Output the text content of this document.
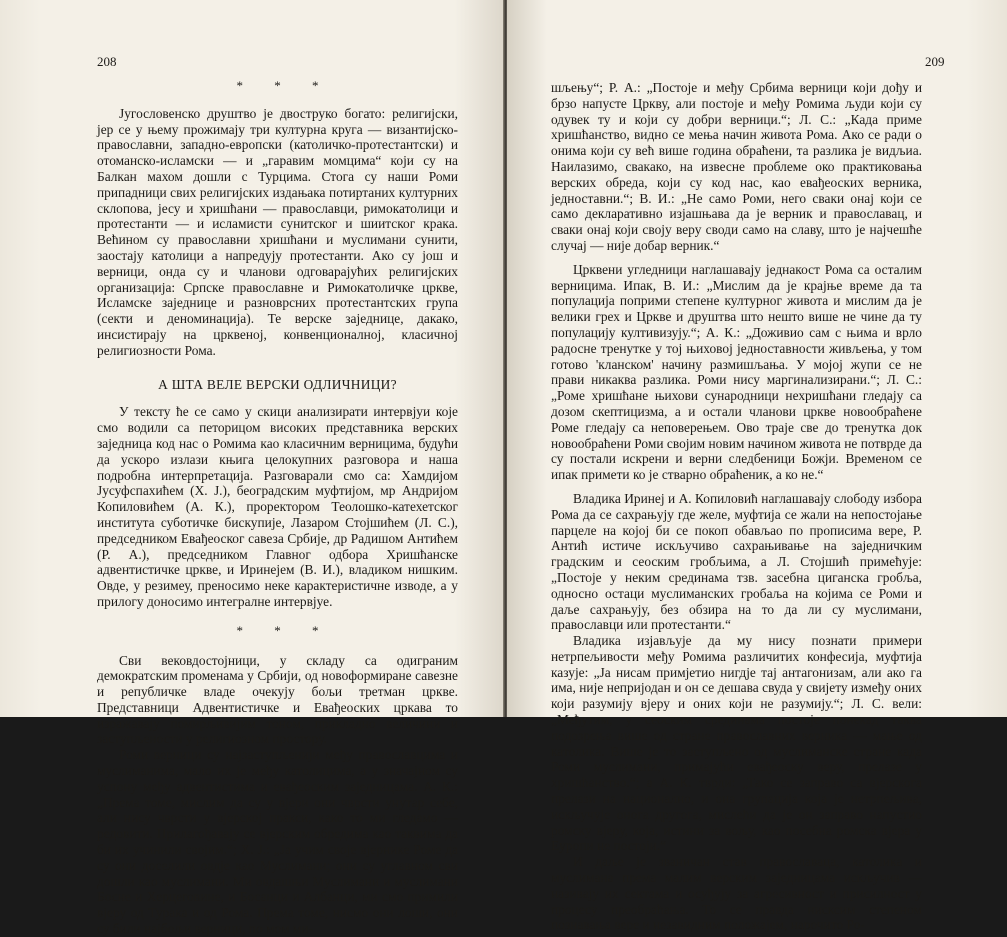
208
* * *

Југословенско друштво је двоструко богато: религијски, јер се у њему прожимају три културна круга — византијско-православни, западно-европски (католичко-протестантски) и отоманско-исламски — и „гаравим момцима“ који су на Балкан махом дошли с Турцима. Стога су наши Роми припадници свих религијских издањака потиртаних културних склопова, јесу и хришћани — православци, римокатолици и протестанти — и исламисти сунитског и шиитског крака. Већином су православни хришћани и муслимани сунити, заостају католици а напредују протестанти. Ако су још и верници, онда су и чланови одговарајућих религијских организација: Српске православне и Римокатоличке цркве, Исламске заједнице и разноврсних протестантских група (секти и деноминација). Те верске заједнице, дакако, инсистирају на црквеној, конвенционалној, класичној религиозности Рома.

А ШТА ВЕЛЕ ВЕРСКИ ОДЛИЧНИЦИ?

У тексту ће се само у скици анализирати интервјуи које смо водили са петорицом високих представника верских заједница код нас о Ромима као класичним верницима, будући да ускоро излази књига целокупних разговора и наша подробна интерпретација. Разговарали смо са: Хамдијом Јусуфспахићем (Х. Ј.), београдским муфтијом, мр Андријом Копиловићем (А. К.), проректором Теолошко-катехетског института суботичке бискупије, Лазаром Стојшићем (Л. С.), председником Евађеоског савеза Србије, др Радишом Антићем (Р. А.), председником Главног одбора Хришћанске адвентистичке цркве, и Иринејем (В. И.), владиком нишким. Овде, у резимеу, преносимо неке карактеристичне изводе, а у прилогу доносимо интегралне интервјуе.

* * *

Сви вековдостојници, у складу са одиграним демократским променама у Србији, од новоформиране савезне и републичке владе очекују бољи третман цркве. Представници Адвентистичке и Евађеоских цркава то изражавају помирљивијим тоном, прикладно величини и заступљености у религиозном простору.

Роми верници су најзаступљенији међу православцима и муслиманима, мало их је међу католицима, а у значајном су успону међу адвентистима и евађеоским заједницама. А. К.: „Према томе, мислим да су у вјери они чврсти унутар себе, али нису чврсти у вјерској пракси, како то ми гледамо — редовити. Прилагођавају се вјерским обредима као таквима да би их учинили својим.“; Х. Ј.: „Ја учим своје вјернике Роме да су они доселили овдје као Муслимани; они су углавном сви дошли као муслимани. Ми овдашњи Муслимани и муслимани Босне и Херцеговине, и Босанци и Албанци, ми смо примили вјеру од Турака и од Рома. Према томе, нисмо они лоши, они су били најбољи верници, по мом ми-

209

шљењу“; Р. А.: „Постоје и међу Србима верници који дођу и брзо напусте Цркву, али постоје и међу Ромима људи који су одувек ту и који су добри верници.“; Л. С.: „Када приме хришћанство, видно се мења начин живота Рома. Ако се ради о онима који су већ више година обраћени, та разлика је видљиа. Наилазимо, свакако, на извесне проблеме око практиковања верских обреда, који су код нас, као евађеоских верника, једноставни.“; В. И.: „Не само Роми, него сваки онај који се само декларативно изјашњава да је верник и православац, и сваки онај који своју веру своди само на славу, што је најчешће случај — није добар верник.“

Црквени угледници наглашавају једнакост Рома са осталим верницима. Ипак, В. И.: „Мислим да је крајње време да та популација поприми степене културног живота и мислим да је велики грех и Цркве и друштва што нешто више не чине да ту популацију култивизују.“; А. К.: „Доживио сам с њима и врло радосне тренутке у тој њиховој једноставности живљења, у том готово 'кланском' начину размишљања. У мојој жупи се не прави никаква разлика. Роми нису маргинализирани.“; Л. С.: „Роме хришћане њихови сународници нехришћани гледају са дозом скептицизма, а и остали чланови цркве новообраћене Роме гледају са неповерењем. Ово траје све до тренутка док новообраћени Роми својим новим начином живота не потврде да су постали искрени и верни следбеници Божји. Временом се ипак примети ко је стварно обраћеник, а ко не.“

Владика Иринеј и А. Копиловић наглашавају слободу избора Рома да се сахрањују где желе, муфтија се жали на непостојање парцеле на којој би се покоп обављао по прописима вере, Р. Антић истиче искључиво сахрањивање на заједничким градским и сеоским гробљима, а Л. Стојшић примећује: „Постоје у неким срединама тзв. засебна циганска гробља, односно остаци муслиманских гробаља на којима се Роми и даље сахрањују, без обзира на то да ли су муслимани, православци или протестанти.“

Владика изјављује да му нису познати примери нетрпељивости међу Ромима различитих конфесија, муфтија казује: „Ја нисам примјетио нигдје тај антагонизам, али ако га има, није непријодан и он се дешава свуда у свијету између оних који разумију вјеру и оних који не разумију.“; Л. С. вели: „Међутим, у сеоским срединама постоје понекад таква подозрења више од стране православних верника — мање од католика. Више је то заступљено од муслиманске стране када Роми муслимани, примајући евађеоску веру, прелазе у хришћанство.“; а А. К. тврди: „Тако се заправо са вјерскога прелази на национално, и она групација која је нетрпељива, искључује онога другога, мислећи да је он заправо напустио ромску вјеру, која, истини за вољу, као посебна ромска вјера у Еуропи не постоји.“

И даље је званичан став православаца, католика и муслимана према малим верским заједницама искључив — називају их сектама и осуђују за агресивност и присилност у процесу преобраћања. То се правда нисксим степеном познавања вере и незавидним положајем, нарочито Ро-
